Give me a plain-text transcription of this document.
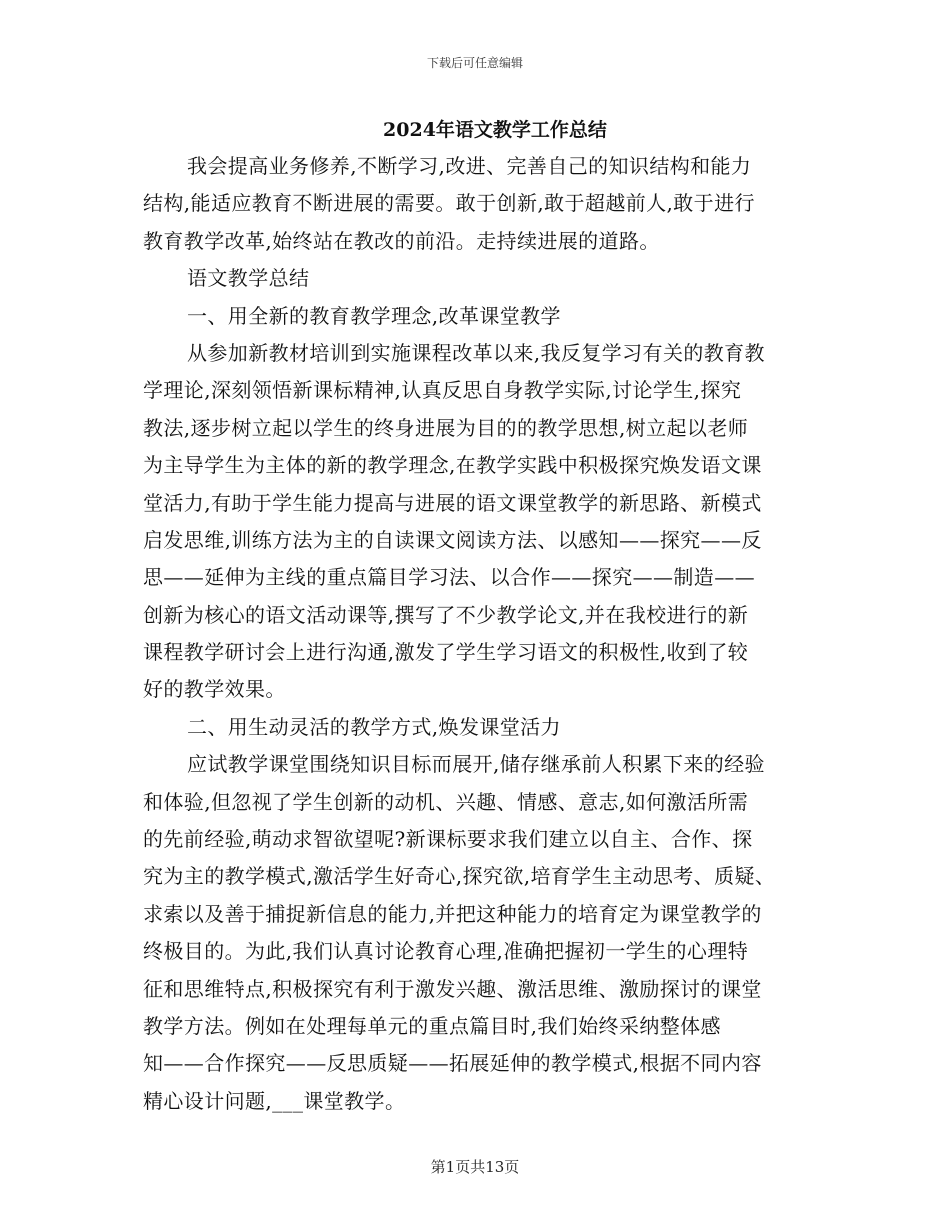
下载后可任意编辑
2024年语文教学工作总结
我会提高业务修养,不断学习,改进、完善自己的知识结构和能力
结构,能适应教育不断进展的需要。敢于创新,敢于超越前人,敢于进行
教育教学改革,始终站在教改的前沿。走持续进展的道路。
语文教学总结
一、用全新的教育教学理念,改革课堂教学
从参加新教材培训到实施课程改革以来,我反复学习有关的教育教
学理论,深刻领悟新课标精神,认真反思自身教学实际,讨论学生,探究
教法,逐步树立起以学生的终身进展为目的的教学思想,树立起以老师
为主导学生为主体的新的教学理念,在教学实践中积极探究焕发语文课
堂活力,有助于学生能力提高与进展的语文课堂教学的新思路、新模式
启发思维,训练方法为主的自读课文阅读方法、以感知——探究——反
思——延伸为主线的重点篇目学习法、以合作——探究——制造——
创新为核心的语文活动课等,撰写了不少教学论文,并在我校进行的新
课程教学研讨会上进行沟通,激发了学生学习语文的积极性,收到了较
好的教学效果。
二、用生动灵活的教学方式,焕发课堂活力
应试教学课堂围绕知识目标而展开,储存继承前人积累下来的经验
和体验,但忽视了学生创新的动机、兴趣、情感、意志,如何激活所需
的先前经验,萌动求智欲望呢?新课标要求我们建立以自主、合作、探
究为主的教学模式,激活学生好奇心,探究欲,培育学生主动思考、质疑、
求索以及善于捕捉新信息的能力,并把这种能力的培育定为课堂教学的
终极目的。为此,我们认真讨论教育心理,准确把握初一学生的心理特
征和思维特点,积极探究有利于激发兴趣、激活思维、激励探讨的课堂
教学方法。例如在处理每单元的重点篇目时,我们始终采纳整体感
知——合作探究——反思质疑——拓展延伸的教学模式,根据不同内容
精心设计问题,___课堂教学。
第1页共13页
